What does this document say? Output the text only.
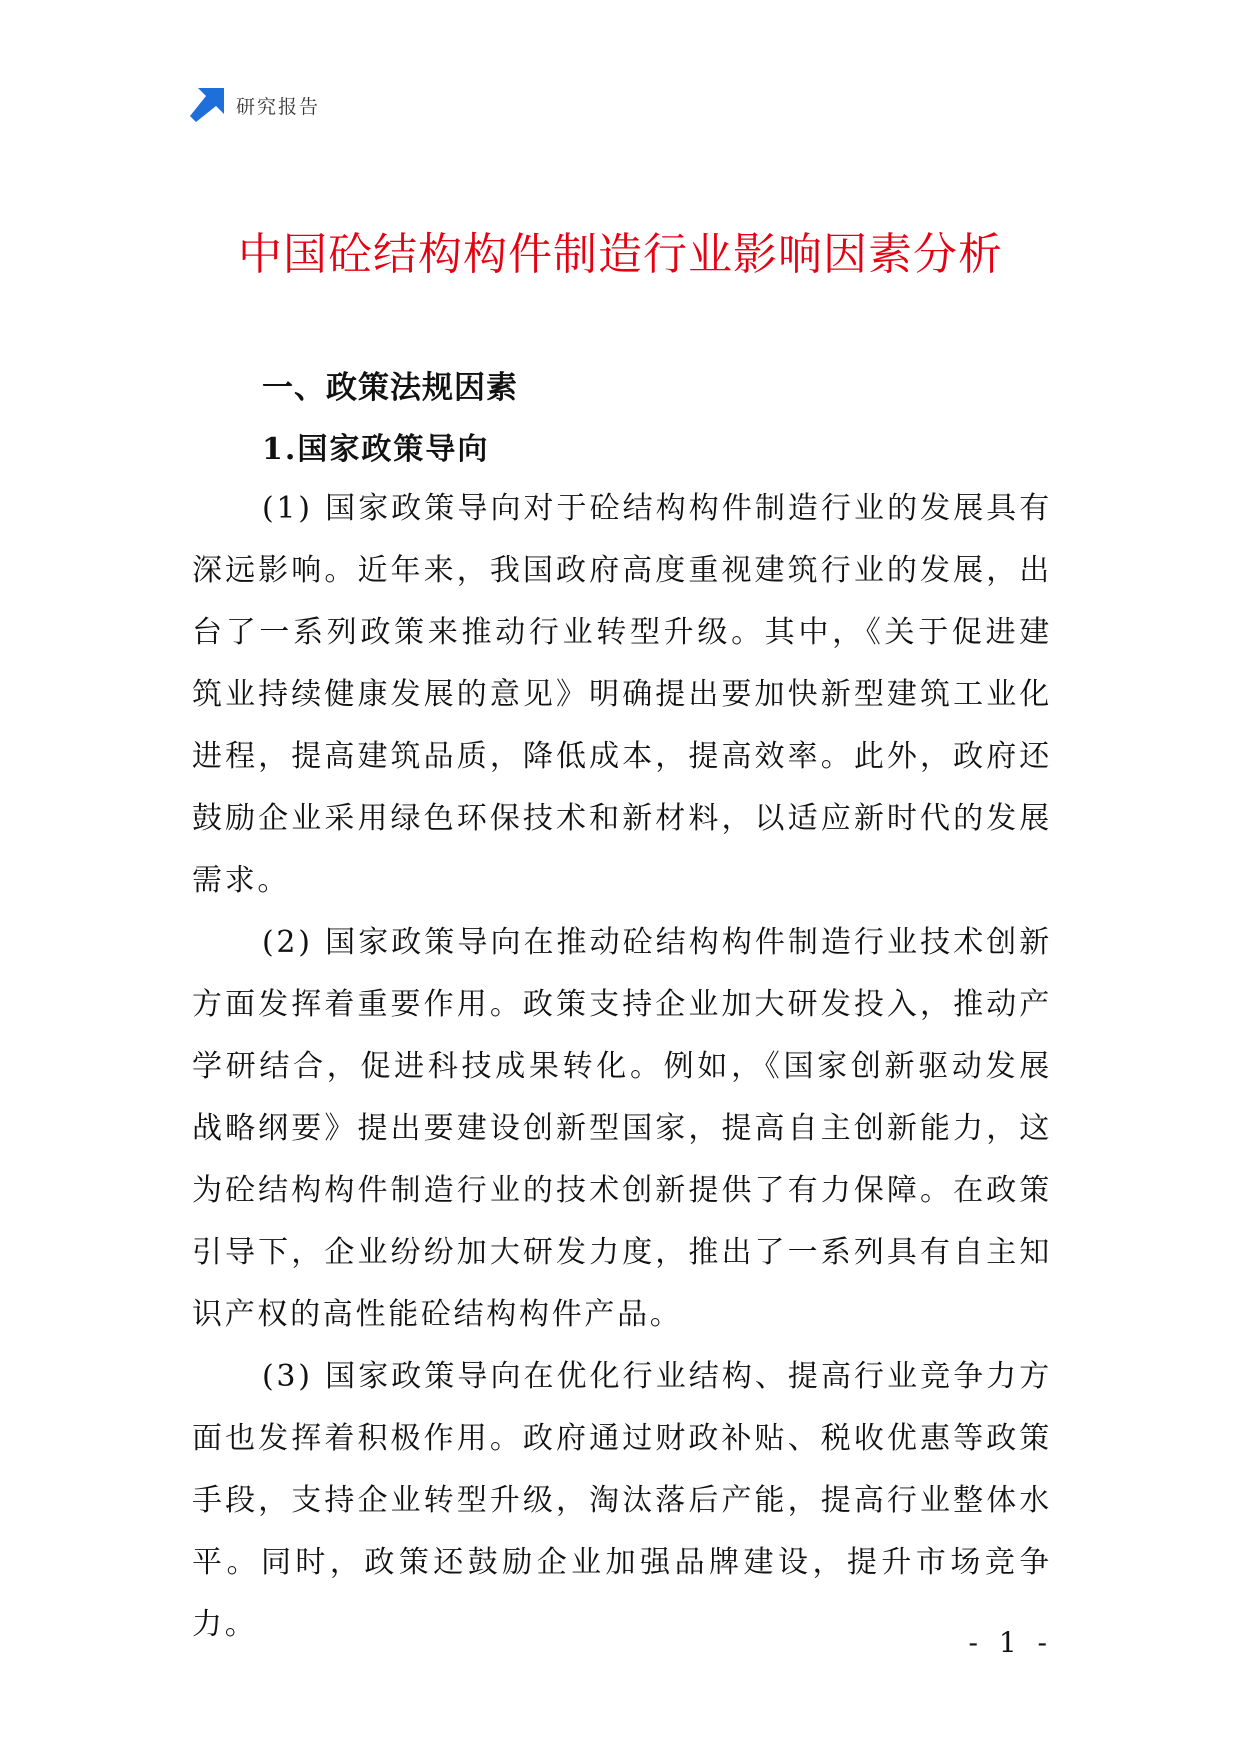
研究报告
中国砼结构构件制造行业影响因素分析
一、政策法规因素
1.国家政策导向

(1) 国家政策导向对于砼结构构件制造行业的发展具有深远影响。近年来，我国政府高度重视建筑行业的发展，出台了一系列政策来推动行业转型升级。其中，《关于促进建筑业持续健康发展的意见》明确提出要加快新型建筑工业化进程，提高建筑品质，降低成本，提高效率。此外，政府还鼓励企业采用绿色环保技术和新材料，以适应新时代的发展需求。

(2) 国家政策导向在推动砼结构构件制造行业技术创新方面发挥着重要作用。政策支持企业加大研发投入，推动产学研结合，促进科技成果转化。例如，《国家创新驱动发展战略纲要》提出要建设创新型国家，提高自主创新能力，这为砼结构构件制造行业的技术创新提供了有力保障。在政策引导下，企业纷纷加大研发力度，推出了一系列具有自主知识产权的高性能砼结构构件产品。

(3) 国家政策导向在优化行业结构、提高行业竞争力方面也发挥着积极作用。政府通过财政补贴、税收优惠等政策手段，支持企业转型升级，淘汰落后产能，提高行业整体水平。同时，政策还鼓励企业加强品牌建设，提升市场竞争力。

- 1 -
